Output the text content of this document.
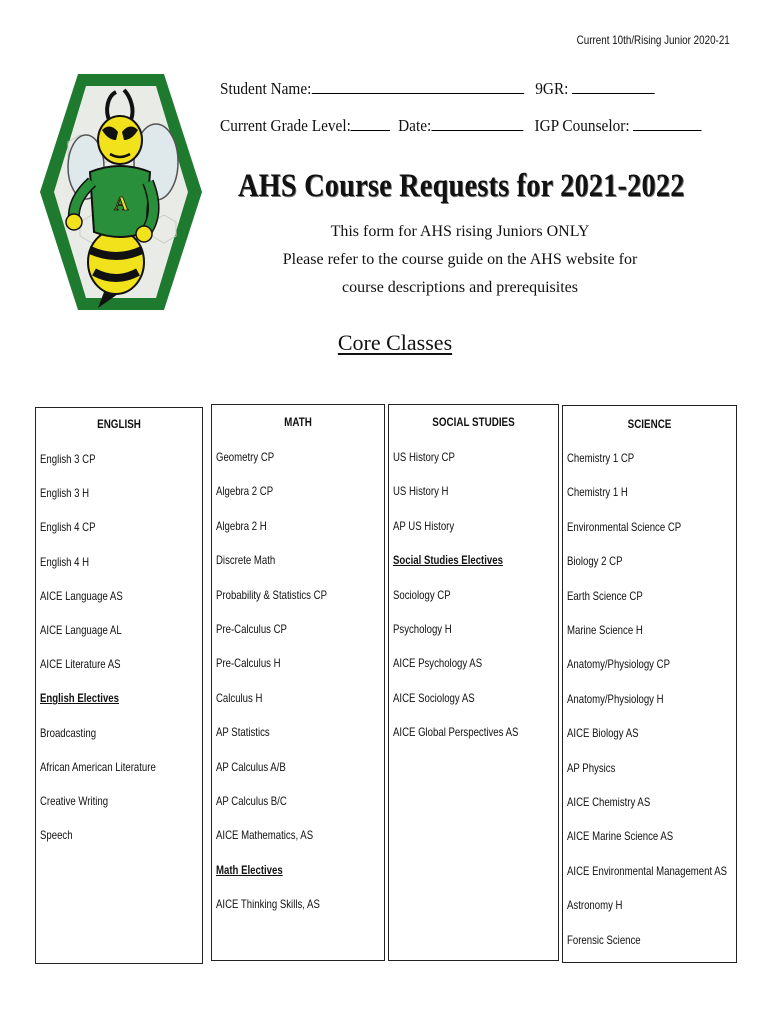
Current 10th/Rising Junior 2020-21
A
Student Name:	9GR:
Current Grade Level:	Date:	IGP Counselor:
AHS Course Requests for 2021-2022
This form for AHS rising Juniors ONLY
Please refer to the course guide on the AHS website for
course descriptions and prerequisites
Core Classes
ENGLISH
English 3 CP
English 3 H
English 4 CP
English 4 H
AICE Language AS
AICE Language AL
AICE Literature AS
English Electives
Broadcasting
African American Literature
Creative Writing
Speech
MATH
Geometry CP
Algebra 2 CP
Algebra 2 H
Discrete Math
Probability & Statistics CP
Pre-Calculus CP
Pre-Calculus H
Calculus H
AP Statistics
AP Calculus A/B
AP Calculus B/C
AICE Mathematics, AS
Math Electives
AICE Thinking Skills, AS
SOCIAL STUDIES
US History CP
US History H
AP US History
Social Studies Electives
Sociology CP
Psychology H
AICE Psychology AS
AICE Sociology AS
AICE Global Perspectives AS
SCIENCE
Chemistry 1 CP
Chemistry 1 H
Environmental Science CP
Biology 2 CP
Earth Science CP
Marine Science H
Anatomy/Physiology CP
Anatomy/Physiology H
AICE Biology AS
AP Physics
AICE Chemistry AS
AICE Marine Science AS
AICE Environmental Management AS
Astronomy H
Forensic Science
